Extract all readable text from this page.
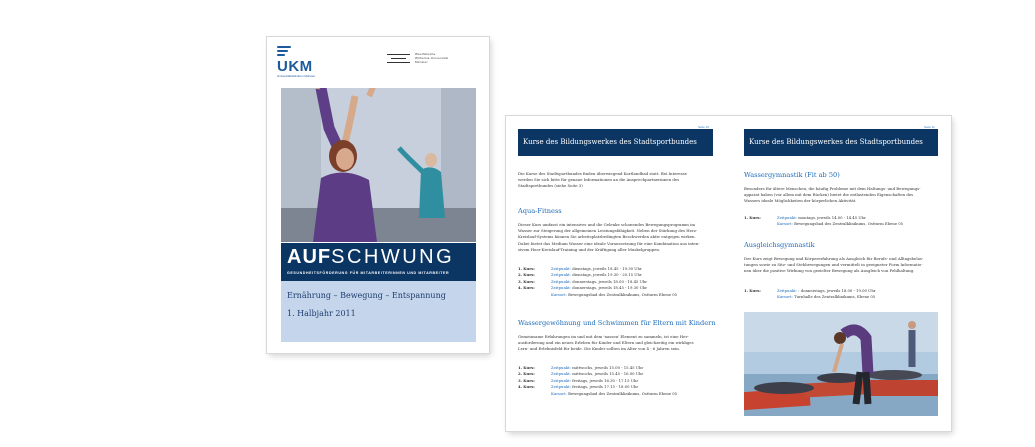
UKM
Universitätsklinikum Münster
Westfälische
Wilhelms-Universität
Münster
AUFSCHWUNG
GESUNDHEITSFÖRDERUNG FÜR MITARBEITERINNEN UND MITARBEITER
Ernährung – Bewegung – Entspannung
1. Halbjahr 2011
Seite 10
Kurse des Bildungswerkes des Stadtsportbundes
Die Kurse des Stadtsportbundes finden überwiegend Kortlandbad statt. Bei Interesse
werden Sie sich bitte für genaue Informationen an die Ansprechpartnerinnen des
Stadtsportbundes (siehe Seite 3)
Aqua-Fitness
Dieser Kurs umfasst ein intensives und die Gelenke schonendes Bewegungsprogramm im
Wasser zur Steigerung der allgemeinen Leistungsfähigkeit. Neben der Stärkung des Herz-
Kreislauf-Systems können Sie arbeitsplatzbedingten Beschwerden aktiv entgegen wirken.
Dabei bietet das Medium Wasser eine ideale Voraussetzung für eine Kombination aus inten-
sivem Herz-Kreislauf-Training und der Kräftigung aller Muskelgruppen.
1. Kurs:	Zeitpunkt: dienstags, jeweils 18.45 - 19.30 Uhr
2. Kurs:	Zeitpunkt: dienstags, jeweils 19.30 - 20.15 Uhr
3. Kurs:	Zeitpunkt: donnerstags, jeweils 18.00 - 18.45 Uhr
4. Kurs:	Zeitpunkt: donnerstags, jeweils 18.45 - 19.30 Uhr
Kursort: Bewegungsbad des Zentralklinikums, Ostturm Ebene 05
Wassergewöhnung und Schwimmen für Eltern mit Kindern
Gemeinsame Erfahrungen im und mit dem 'nassen' Element zu sammeln, ist eine Her-
ausforderung und ein neues Erleben für Kinder und Eltern und gleichzeitig ein wirkliges
Lern- und Erlebnisfeld für beide. Die Kinder sollten im Alter von 4 - 6 Jahren sein.
1. Kurs:	Zeitpunkt: mittwochs, jeweils 15.00 - 15.45 Uhr
2. Kurs:	Zeitpunkt: mittwochs, jeweils 15.45 - 16.00 Uhr
3. Kurs:	Zeitpunkt: freitags, jeweils 16.30 - 17.15 Uhr
4. Kurs:	Zeitpunkt: freitags, jeweils 17.15 - 18.00 Uhr
Kursort: Bewegungsbad des Zentralklinikums, Ostturm Ebene 05
Seite 11
Kurse des Bildungswerkes des Stadtsportbundes
Wassergymnastik (Fit ab 50)
Besonders für ältere Menschen, die häufig Probleme mit dem Haltungs- und Bewegungs-
apparat haben (vor allem mit dem Rücken) bietet die entlastenden Eigenschaften des
Wassers ideale Möglichkeiten der körperlichen Aktivität.
1. Kurs:	Zeitpunkt: montags, jeweils 14.00 - 14.45 Uhr
Kursort: Bewegungsbad des Zentralklinikums, Ostturm Ebene 05
Ausgleichsgymnastik
Der Kurs zeigt Bewegung und Körpererfahrung als Ausgleich für Berufs- und Alltagsbelas-
tungen sowie zu Sitz- und Stehbewegungen und vermittelt in geeigneter Form Informatio-
nen über die positive Wirkung von gezielter Bewegung als Ausgleich von Fehlhaltung.
1. Kurs:	Zeitpunkt: : donnerstags, jeweils 18.00 - 19.00 Uhr
Kursort: Turnhalle des Zentralklinikums, Ebene 05
